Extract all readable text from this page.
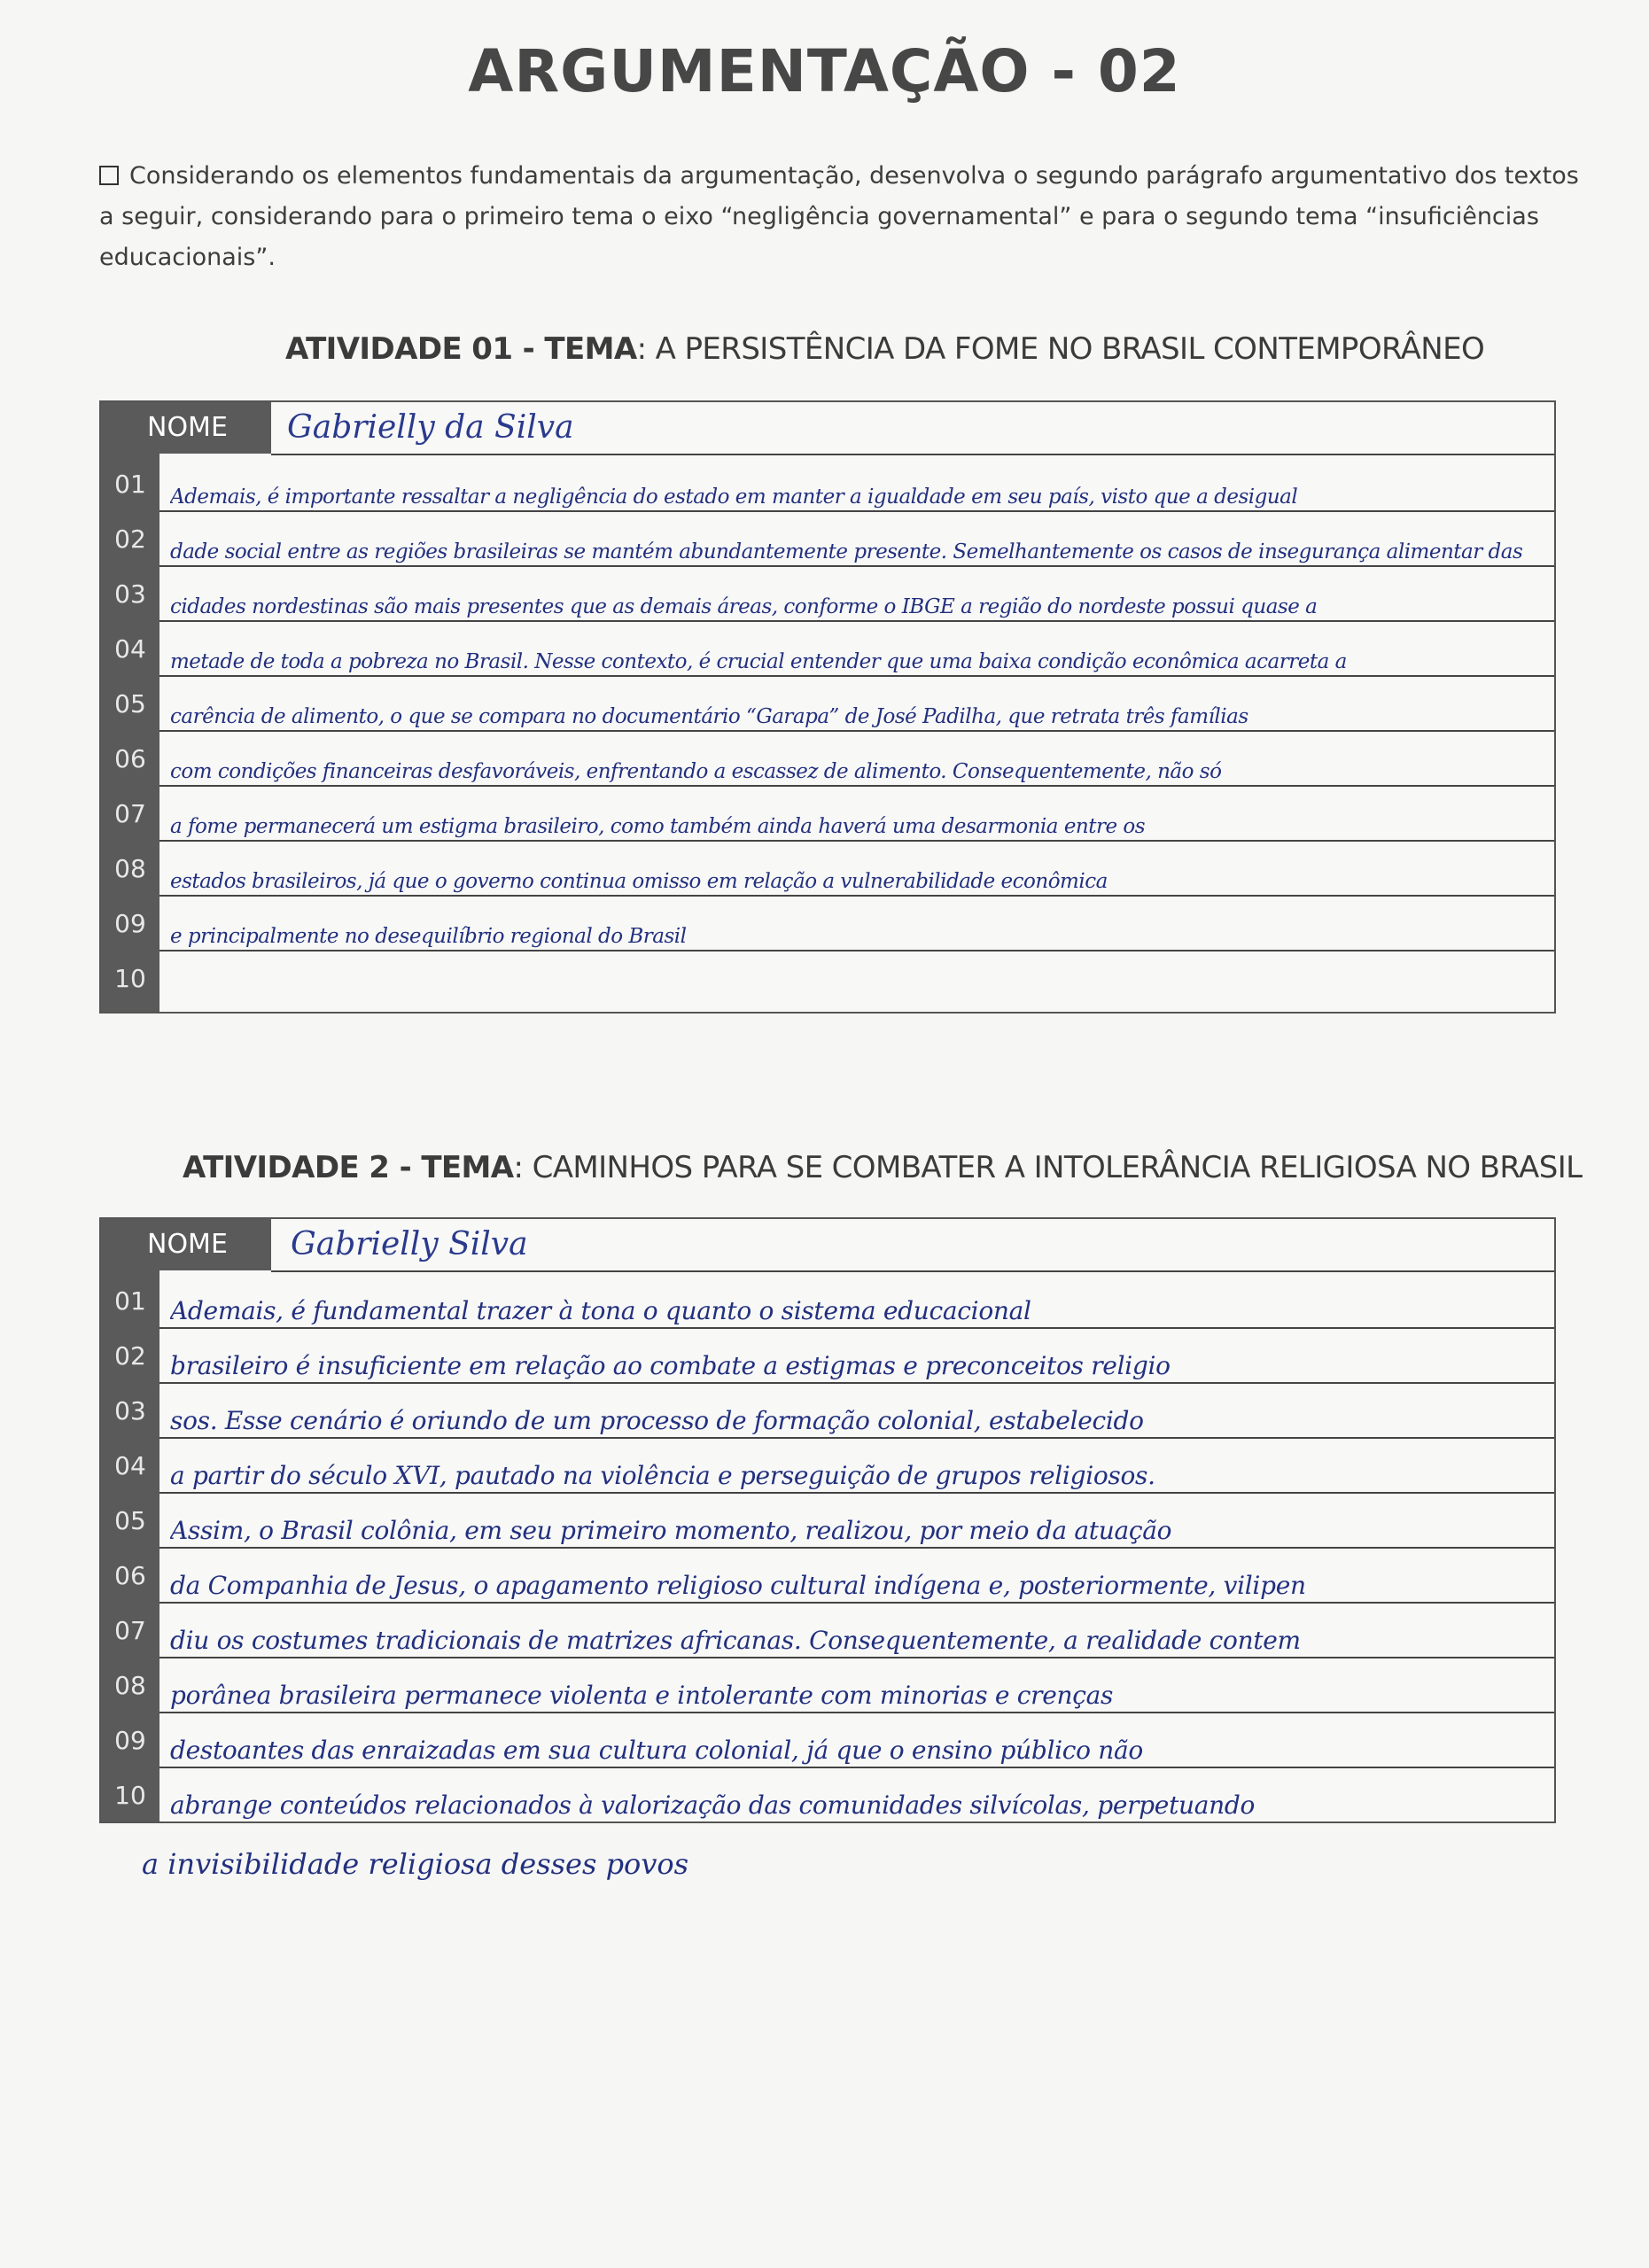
ARGUMENTAÇÃO - 02
Considerando os elementos fundamentais da argumentação, desenvolva o segundo parágrafo argumentativo dos textos a seguir, considerando para o primeiro tema o eixo “negligência governamental” e para o segundo tema “insuficiências educacionais”.
ATIVIDADE 01 - TEMA: A PERSISTÊNCIA DA FOME NO BRASIL CONTEMPORÂNEO
NOME	Gabrielly da Silva
01	Ademais, é importante ressaltar a negligência do estado em manter a igualdade em seu país, visto que a desigual
02	dade social entre as regiões brasileiras se mantém abundantemente presente. Semelhantemente os casos de insegurança alimentar das
03	cidades nordestinas são mais presentes que as demais áreas, conforme o IBGE a região do nordeste possui quase a
04	metade de toda a pobreza no Brasil. Nesse contexto, é crucial entender que uma baixa condição econômica acarreta a
05	carência de alimento, o que se compara no documentário “Garapa” de José Padilha, que retrata três famílias
06	com condições financeiras desfavoráveis, enfrentando a escassez de alimento. Consequentemente, não só
07	a fome permanecerá um estigma brasileiro, como também ainda haverá uma desarmonia entre os
08	estados brasileiros, já que o governo continua omisso em relação a vulnerabilidade econômica
09	e principalmente no desequilíbrio regional do Brasil
10
ATIVIDADE 2 - TEMA: CAMINHOS PARA SE COMBATER A INTOLERÂNCIA RELIGIOSA NO BRASIL
NOME	Gabrielly Silva
01 Ademais, é fundamental trazer à tona o quanto o sistema educacional
02 brasileiro é insuficiente em relação ao combate a estigmas e preconceitos religio
03 sos. Esse cenário é oriundo de um processo de formação colonial, estabelecido
04 a partir do século XVI, pautado na violência e perseguição de grupos religiosos.
05 Assim, o Brasil colônia, em seu primeiro momento, realizou, por meio da atuação
06 da Companhia de Jesus, o apagamento religioso cultural indígena e, posteriormente, vilipen
07 diu os costumes tradicionais de matrizes africanas. Consequentemente, a realidade contem
08 porânea brasileira permanece violenta e intolerante com minorias e crenças
09 destoantes das enraizadas em sua cultura colonial, já que o ensino público não
10 abrange conteúdos relacionados à valorização das comunidades silvícolas, perpetuando
a invisibilidade religiosa desses povos
